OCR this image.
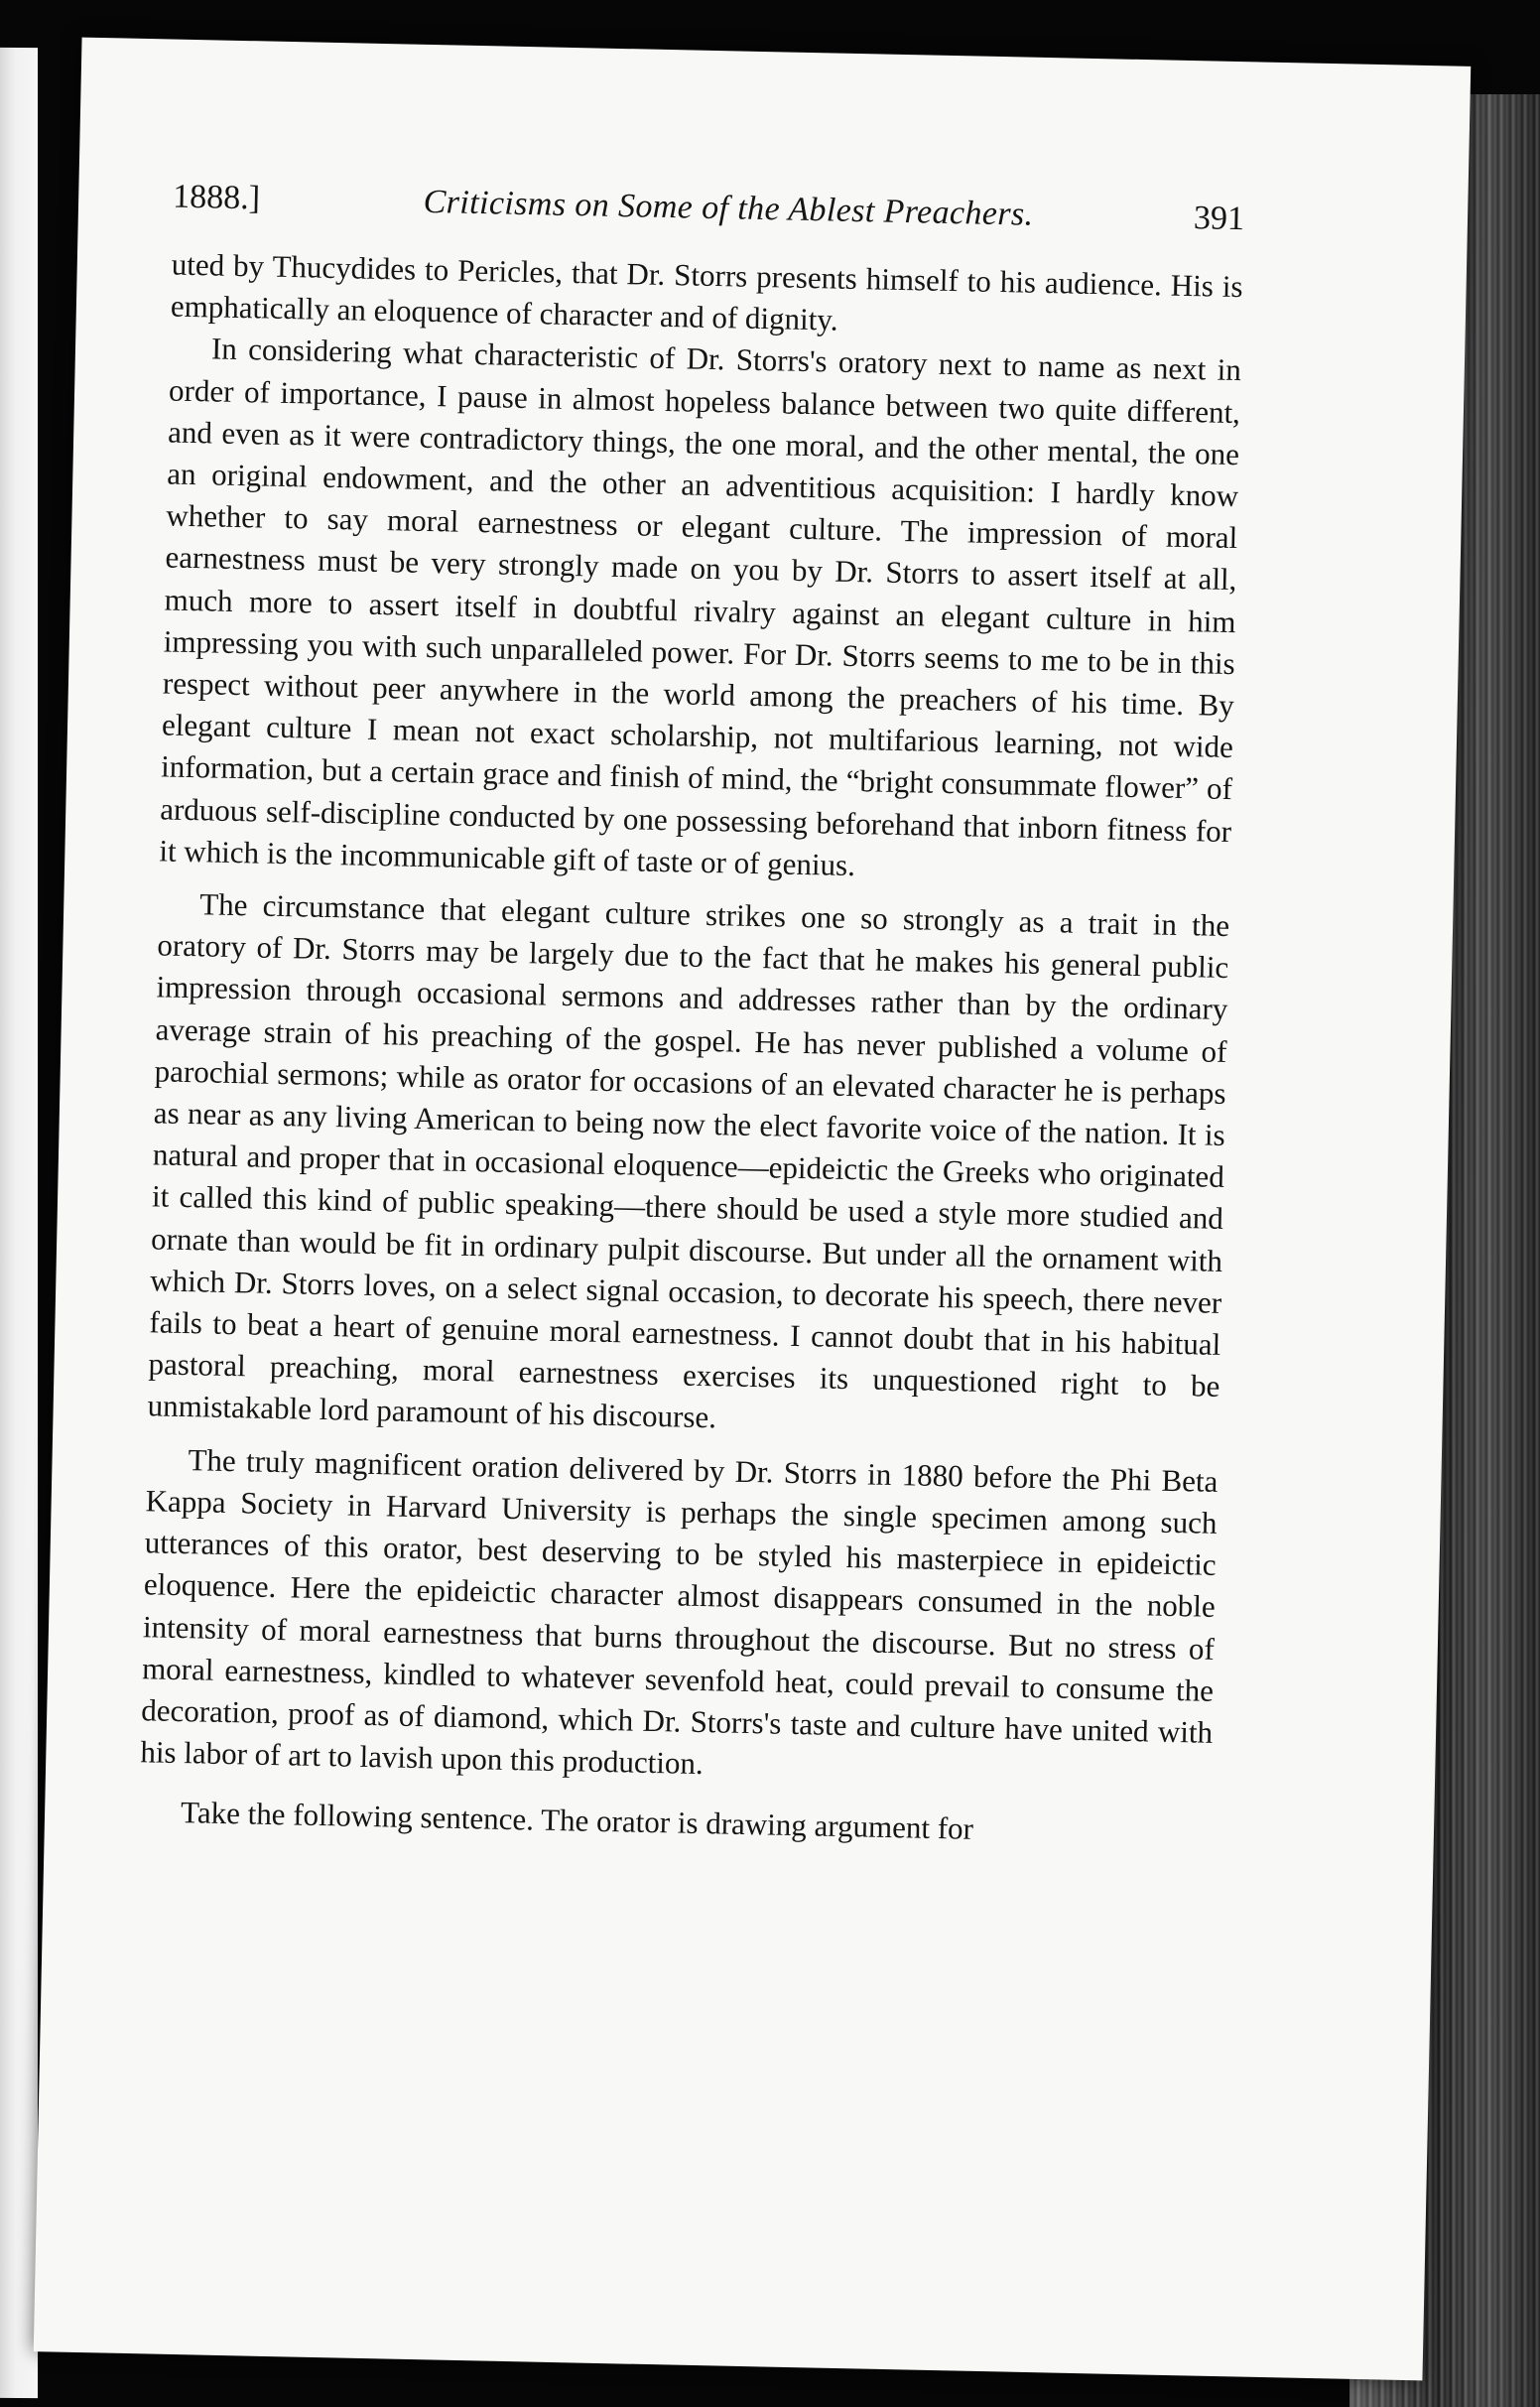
1888.]	Criticisms on Some of the Ablest Preachers.	391

uted by Thucydides to Pericles, that Dr. Storrs presents himself to his audience. His is emphatically an eloquence of character and of dignity.

In considering what characteristic of Dr. Storrs's oratory next to name as next in order of importance, I pause in almost hopeless balance between two quite different, and even as it were contradictory things, the one moral, and the other mental, the one an original endowment, and the other an adventitious acquisition: I hardly know whether to say moral earnestness or elegant culture. The impression of moral earnestness must be very strongly made on you by Dr. Storrs to assert itself at all, much more to assert itself in doubtful rivalry against an elegant culture in him impressing you with such unparalleled power. For Dr. Storrs seems to me to be in this respect without peer anywhere in the world among the preachers of his time. By elegant culture I mean not exact scholarship, not multifarious learning, not wide information, but a certain grace and finish of mind, the “bright consummate flower” of arduous self-discipline conducted by one possessing beforehand that inborn fitness for it which is the incommunicable gift of taste or of genius.

The circumstance that elegant culture strikes one so strongly as a trait in the oratory of Dr. Storrs may be largely due to the fact that he makes his general public impression through occasional sermons and addresses rather than by the ordinary average strain of his preaching of the gospel. He has never published a volume of parochial sermons; while as orator for occasions of an elevated character he is perhaps as near as any living American to being now the elect favorite voice of the nation. It is natural and proper that in occasional eloquence—epideictic the Greeks who originated it called this kind of public speaking—there should be used a style more studied and ornate than would be fit in ordinary pulpit discourse. But under all the ornament with which Dr. Storrs loves, on a select signal occasion, to decorate his speech, there never fails to beat a heart of genuine moral earnestness. I cannot doubt that in his habitual pastoral preaching, moral earnestness exercises its unquestioned right to be unmistakable lord paramount of his discourse.

The truly magnificent oration delivered by Dr. Storrs in 1880 before the Phi Beta Kappa Society in Harvard University is perhaps the single specimen among such utterances of this orator, best deserving to be styled his masterpiece in epideictic eloquence. Here the epideictic character almost disappears consumed in the noble intensity of moral earnestness that burns throughout the discourse. But no stress of moral earnestness, kindled to whatever sevenfold heat, could prevail to consume the decoration, proof as of diamond, which Dr. Storrs's taste and culture have united with his labor of art to lavish upon this production.

Take the following sentence. The orator is drawing argument for
